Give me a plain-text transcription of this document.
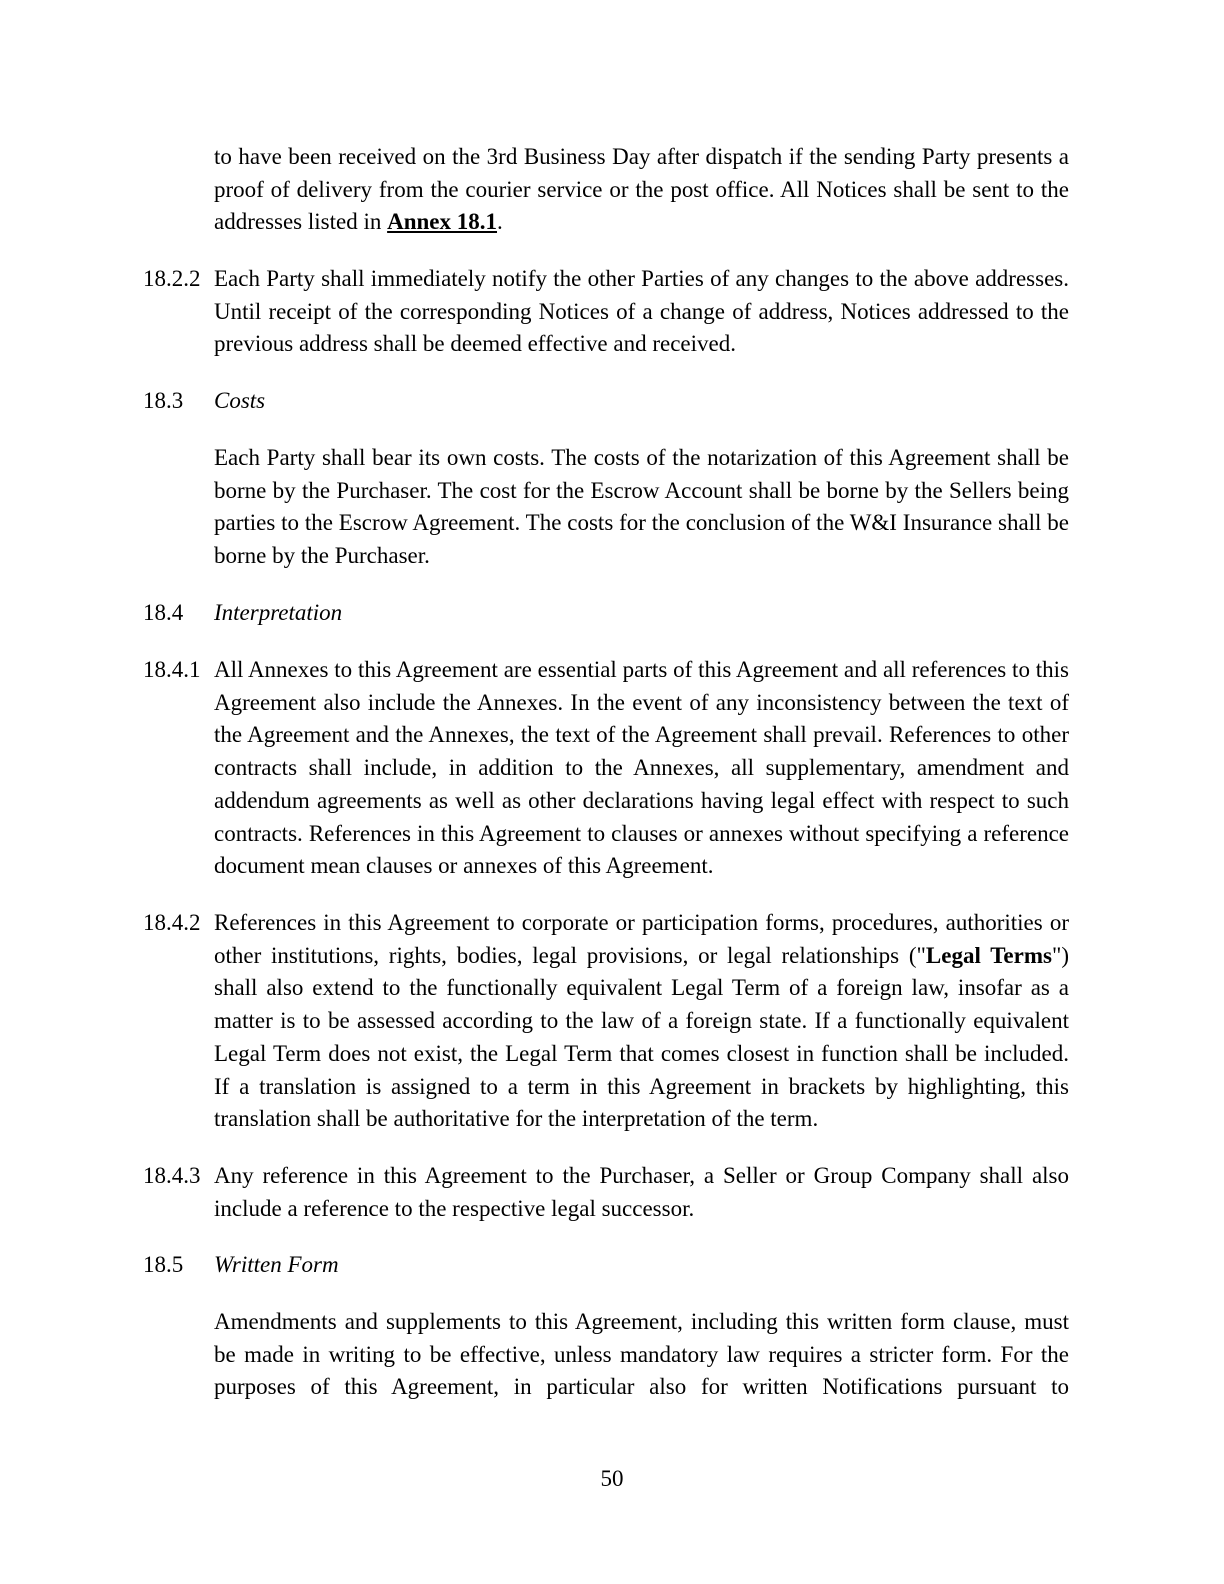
to have been received on the 3rd Business Day after dispatch if the sending Party presents a proof of delivery from the courier service or the post office. All Notices shall be sent to the addresses listed in Annex 18.1.
18.2.2 Each Party shall immediately notify the other Parties of any changes to the above addresses. Until receipt of the corresponding Notices of a change of address, Notices addressed to the previous address shall be deemed effective and received.
18.3	Costs
Each Party shall bear its own costs. The costs of the notarization of this Agreement shall be borne by the Purchaser. The cost for the Escrow Account shall be borne by the Sellers being parties to the Escrow Agreement. The costs for the conclusion of the W&I Insurance shall be borne by the Purchaser.
18.4	Interpretation
18.4.1 All Annexes to this Agreement are essential parts of this Agreement and all references to this Agreement also include the Annexes. In the event of any inconsistency between the text of the Agreement and the Annexes, the text of the Agreement shall prevail. References to other contracts shall include, in addition to the Annexes, all supplementary, amendment and addendum agreements as well as other declarations having legal effect with respect to such contracts. References in this Agreement to clauses or annexes without specifying a reference document mean clauses or annexes of this Agreement.
18.4.2 References in this Agreement to corporate or participation forms, procedures, authorities or other institutions, rights, bodies, legal provisions, or legal relationships ("Legal Terms") shall also extend to the functionally equivalent Legal Term of a foreign law, insofar as a matter is to be assessed according to the law of a foreign state. If a functionally equivalent Legal Term does not exist, the Legal Term that comes closest in function shall be included. If a translation is assigned to a term in this Agreement in brackets by highlighting, this translation shall be authoritative for the interpretation of the term.
18.4.3 Any reference in this Agreement to the Purchaser, a Seller or Group Company shall also include a reference to the respective legal successor.
18.5	Written Form
Amendments and supplements to this Agreement, including this written form clause, must be made in writing to be effective, unless mandatory law requires a stricter form. For the purposes of this Agreement, in particular also for written Notifications pursuant to
50
